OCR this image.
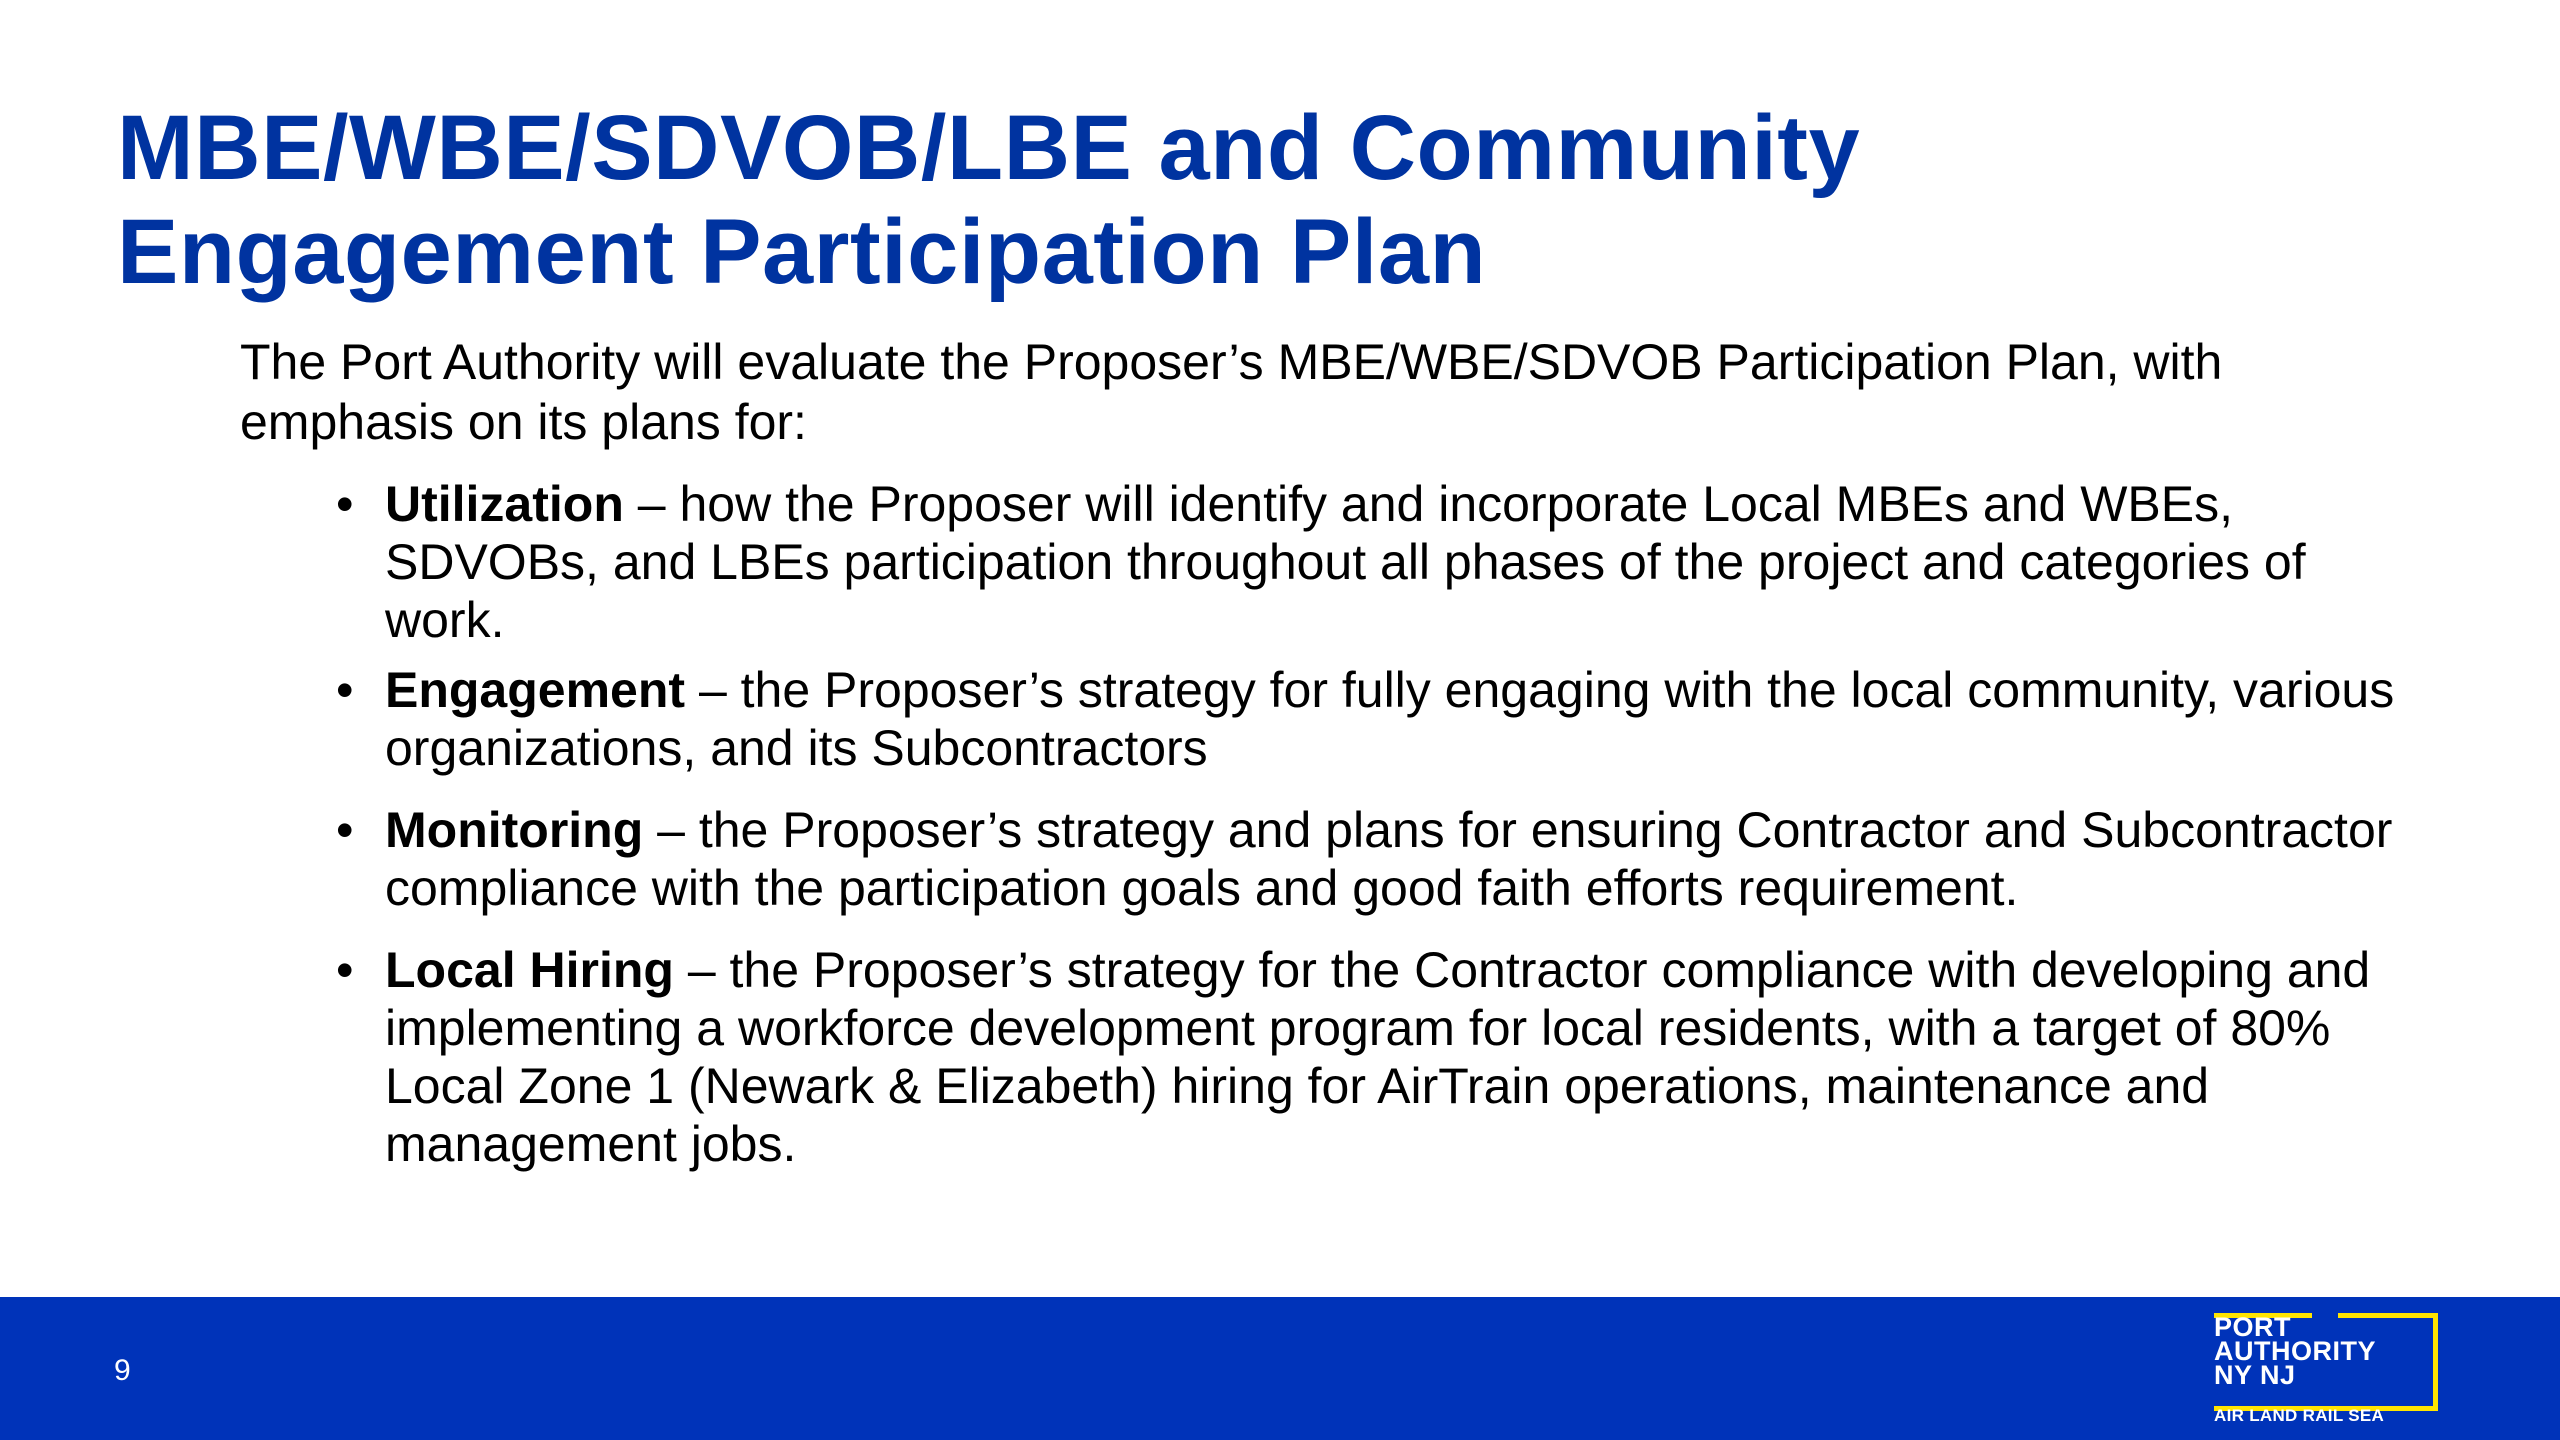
MBE/WBE/SDVOB/LBE and Community
Engagement Participation Plan

The Port Authority will evaluate the Proposer’s MBE/WBE/SDVOB Participation Plan, with emphasis on its plans for:

• Utilization – how the Proposer will identify and incorporate Local MBEs and WBEs, SDVOBs, and LBEs participation throughout all phases of the project and categories of work.
• Engagement – the Proposer’s strategy for fully engaging with the local community, various organizations, and its Subcontractors
• Monitoring – the Proposer’s strategy and plans for ensuring Contractor and Subcontractor compliance with the participation goals and good faith efforts requirement.
• Local Hiring – the Proposer’s strategy for the Contractor compliance with developing and implementing a workforce development program for local residents, with a target of 80% Local Zone 1 (Newark & Elizabeth) hiring for AirTrain operations, maintenance and management jobs.
9
PORT
AUTHORITY
NY NJ
AIR LAND RAIL SEA
